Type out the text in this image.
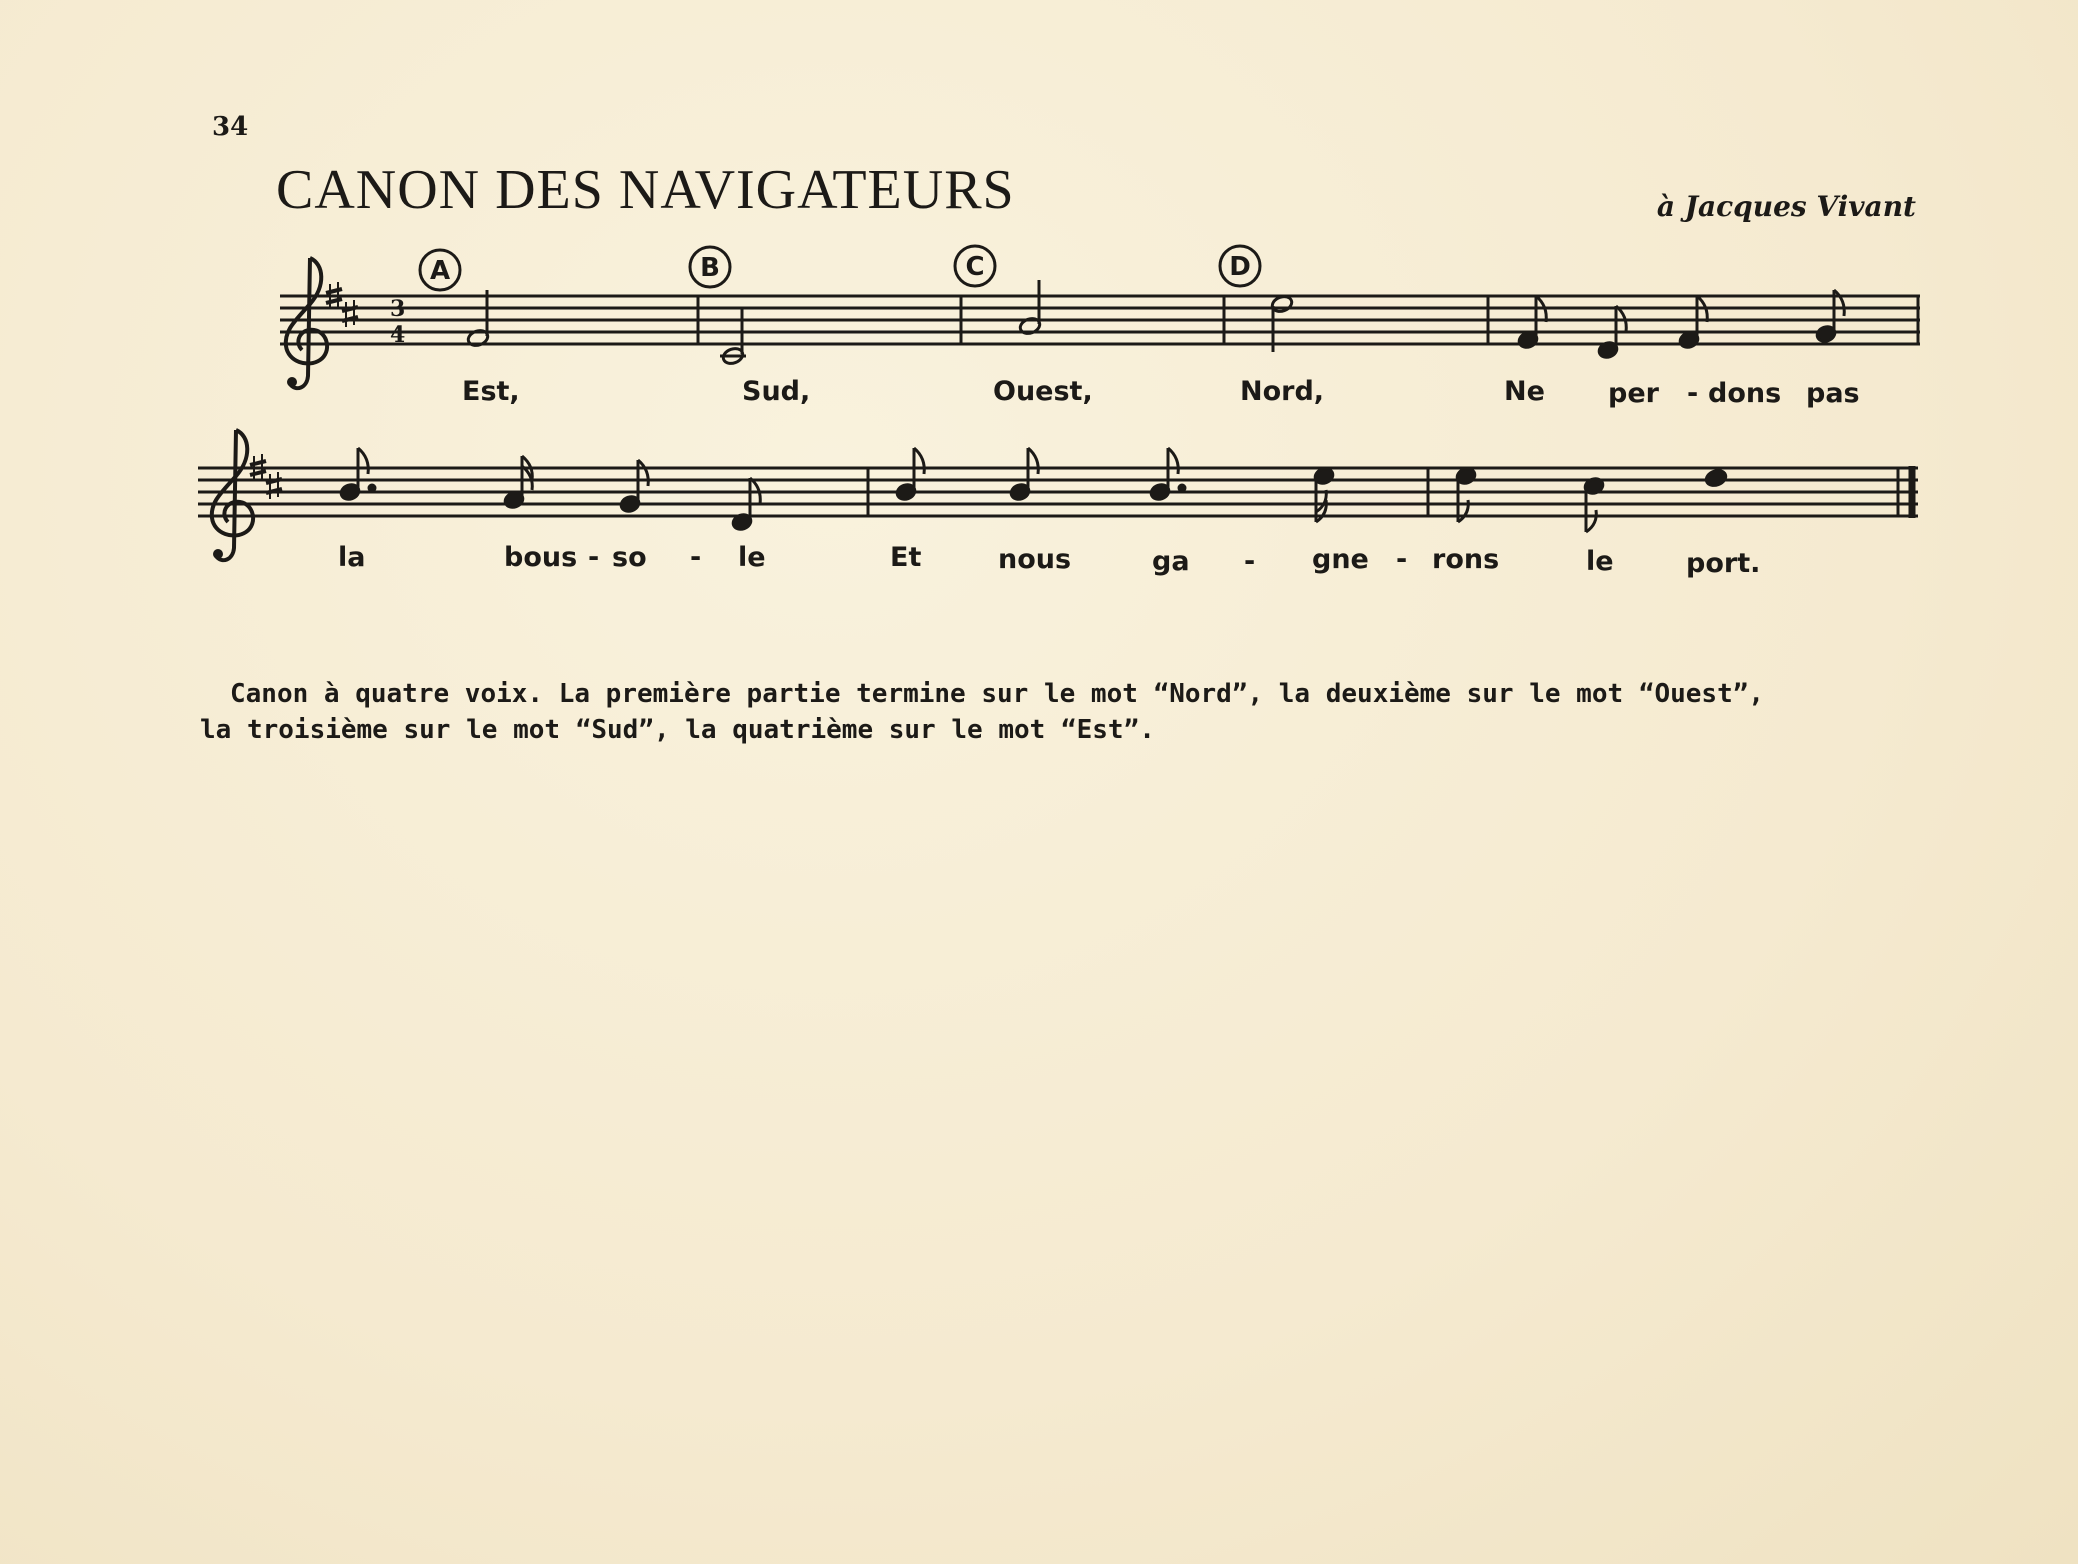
34
CANON DES NAVIGATEURS	à Jacques Vivant
3
4
A	B	C	D
Est,	Sud,	Ouest,	Nord,	Ne per - dons pas
la	bous - so - le	Et	nous	ga - gne - rons	le	port.
Canon à quatre voix. La première partie termine sur le mot “Nord”, la deuxième sur le mot “Ouest”,
la troisième sur le mot “Sud”, la quatrième sur le mot “Est”.
